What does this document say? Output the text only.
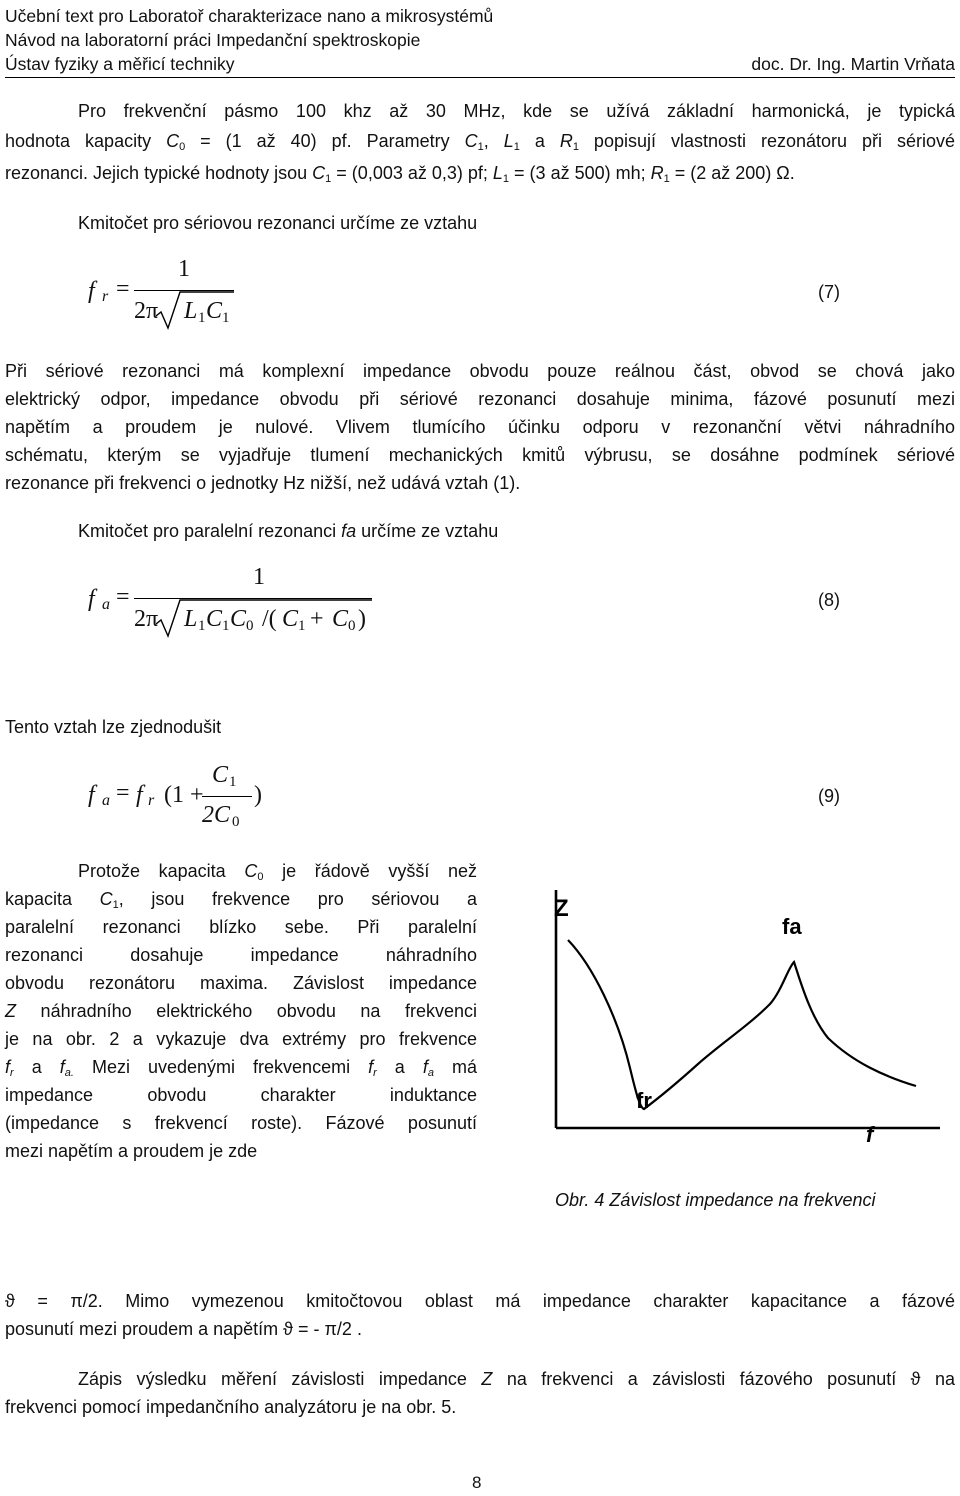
Učební text pro Laboratoř charakterizace nano a mikrosystémů
Návod na laboratorní práci Impedanční spektroskopie
Ústav fyziky a měřicí techniky	doc. Dr. Ing. Martin Vrňata
Pro frekvenční pásmo 100 khz až 30 MHz, kde se užívá základní harmonická, je typická
hodnota kapacity $C_0 = (1$ až 40) pf. Parametry $C_1$, $L_1$ a $R_1$ popisují vlastnosti rezonátoru při sériové
rezonanci. Jejich typické hodnoty jsou $C_1 = (0,003$ až 0,3) pf; $L_1 = (3$ až 500) mh; $R_1 = (2$ až 200) Ω.
Kmitočet pro sériovou rezonanci určíme ze vztahu
f r =
1
2π L 1 C 1
(7)
Při sériové rezonanci má komplexní impedance obvodu pouze reálnou část, obvod se chová jako
elektrický odpor, impedance obvodu při sériové rezonanci dosahuje minima, fázové posunutí mezi
napětím a proudem je nulové. Vlivem tlumícího účinku odporu v rezonanční větvi náhradního
schématu, kterým se vyjadřuje tlumení mechanických kmitů výbrusu, se dosáhne podmínek sériové
rezonance při frekvenci o jednotky Hz nižší, než udává vztah (1).
Kmitočet pro paralelní rezonanci fa určíme ze vztahu
f a =
1
2π L 1 C 1 C 0 /( C 1
+ C 0 )
(8)
Tento vztah lze zjednodušit
f a = f r (1 +
C 1
2C 0
)	(9)
Protože kapacita $C_0$ je řádově vyšší než
kapacita $C_1$, jsou frekvence pro sériovou a
paralelní rezonanci blízko sebe. Při paralelní
rezonanci dosahuje impedance náhradního
obvodu rezonátoru maxima. Závislost impedance
Z náhradního elektrického obvodu na frekvenci
je na obr. 2 a vykazuje dva extrémy pro frekvence
$f_r$ a $f_{a.}$ Mezi uvedenými frekvencemi $f_r$ a $f_a$ má
impedance obvodu charakter induktance
(impedance s frekvencí roste). Fázové posunutí
mezi napětím a proudem je zde
Z
fa
fr
f
Obr. 4 Závislost impedance na frekvenci
ϑ = π/2. Mimo vymezenou kmitočtovou oblast má impedance charakter kapacitance a fázové
posunutí mezi proudem a napětím ϑ = - π/2 .
Zápis výsledku měření závislosti impedance Z na frekvenci a závislosti fázového posunutí ϑ na
frekvenci pomocí impedančního analyzátoru je na obr. 5.
8
